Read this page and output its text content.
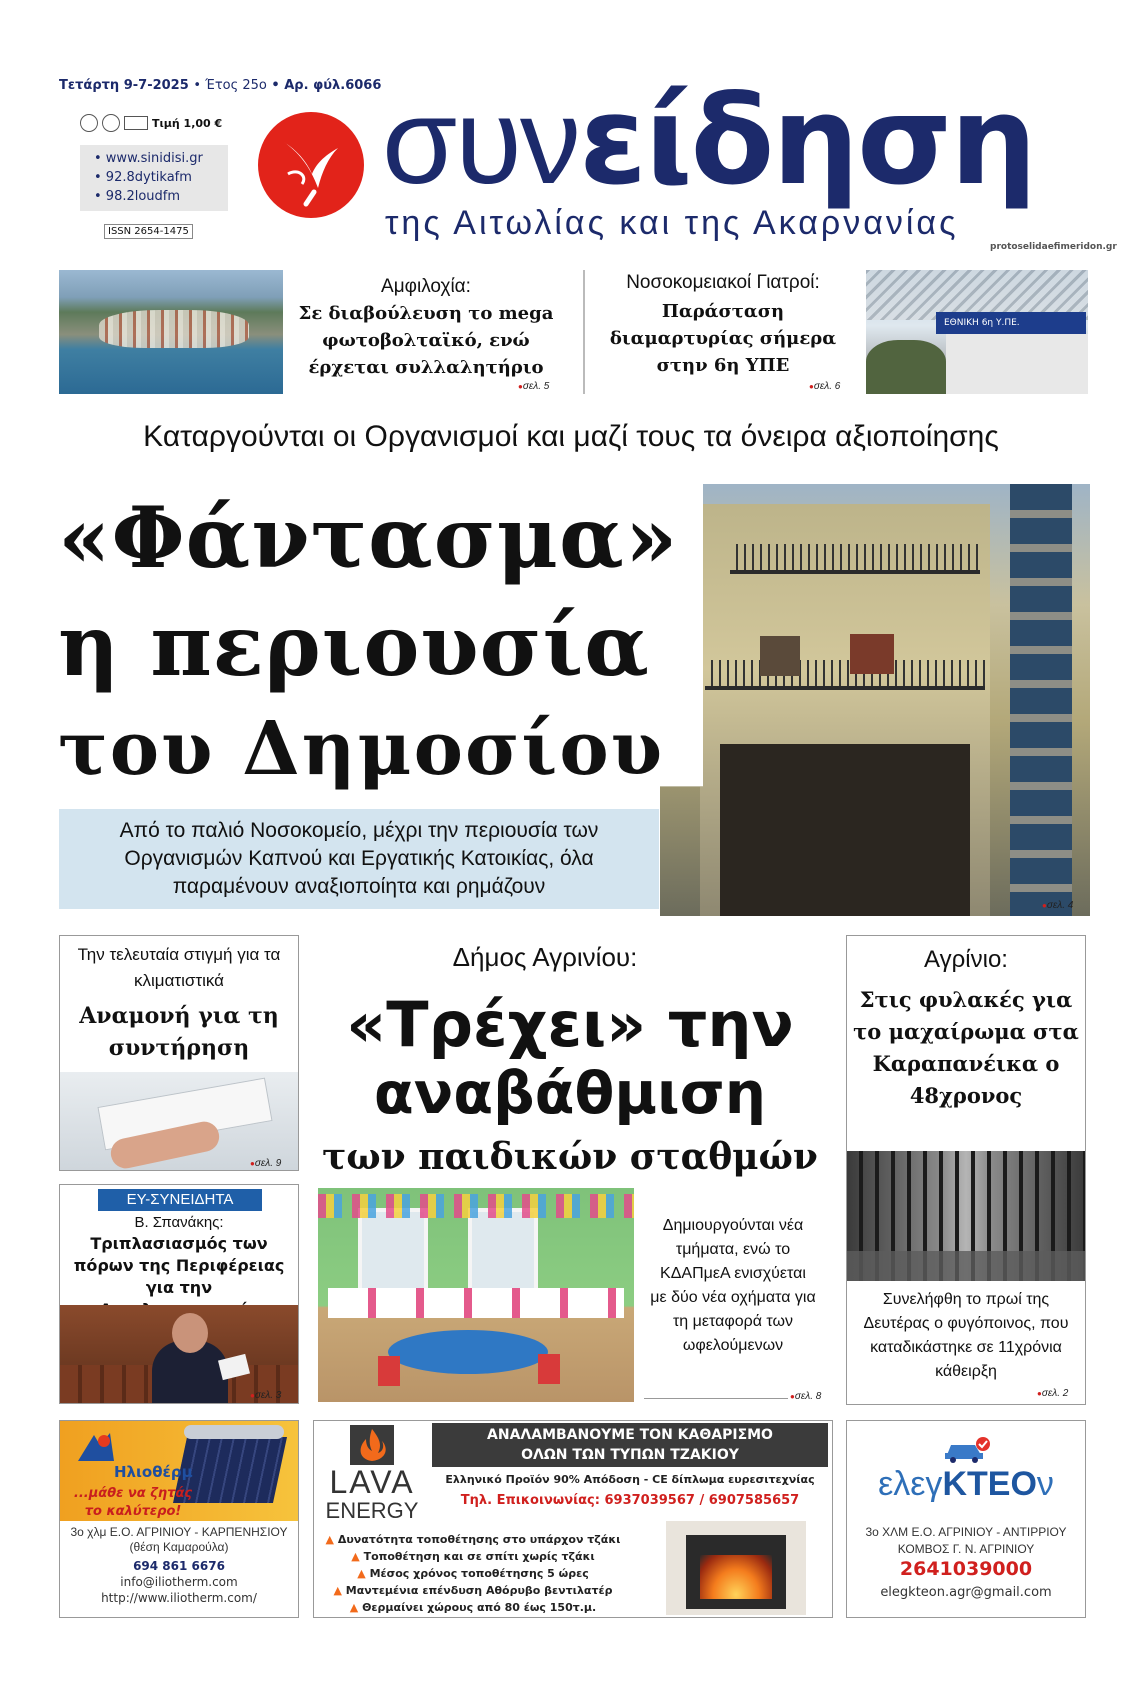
Τετάρτη 9-7-2025 • Έτος 25ο • Αρ. φύλ.6066
Τιμή 1,00 €
• www.sinidisi.gr
• 92.8dytikafm
• 98.2loudfm
ISSN 2654-1475
συνείδηση
της Αιτωλίας και της Ακαρνανίας
protoselidaefimeridon.gr
Αμφιλοχία:
Σε διαβούλευση το mega φωτοβολταϊκό, ενώ έρχεται συλλαλητήριο
● σελ. 5
Νοσοκομειακοί Γιατροί:
Παράσταση διαμαρτυρίας σήμερα στην 6η ΥΠΕ
● σελ. 6
ΕΘΝΙΚΗ 6η Υ.ΠΕ.
Καταργούνται οι Οργανισμοί και μαζί τους τα όνειρα αξιοποίησης
«Φάντασμα»
η περιουσία
του Δημοσίου
Από το παλιό Νοσοκομείο, μέχρι την περιουσία των Οργανισμών Καπνού και Εργατικής Κατοικίας, όλα παραμένουν αναξιοποίητα και ρημάζουν
● σελ. 4
Την τελευταία στιγμή για τα κλιματιστικά
Αναμονή για τη συντήρηση
● σελ. 9
ΕΥ-ΣΥΝΕΙΔΗΤΑ
Β. Σπανάκης:
Τριπλασιασμός των πόρων της Περιφέρειας για την
● σελ. 3
Δήμος Αγρινίου:
«Τρέχει» την
αναβάθμιση
των παιδικών σταθμών
Δημιουργούνται νέα τμήματα, ενώ το ΚΔΑΠμεΑ ενισχύεται με δύο νέα οχήματα για τη μεταφορά των ωφελούμενων
● σελ. 8
Αγρίνιο:
Στις φυλακές για το μαχαίρωμα στα Καραπανέικα ο 48χρονος
Συνελήφθη το πρωί της Δευτέρας ο φυγόποινος, που καταδικάστηκε σε 11χρόνια κάθειρξη
● σελ. 2
Ηλιοθέρμ
...μάθε να ζητάς το καλύτερο!
3ο χλμ Ε.Ο. ΑΓΡΙΝΙΟΥ - ΚΑΡΠΕΝΗΣΙΟΥ (θέση Καμαρούλα)
694 861 6676
info@iliotherm.com
http://www.iliotherm.com/
LAVA
ENERGY
ΑΝΑΛΑΜΒΑΝΟΥΜΕ ΤΟΝ ΚΑΘΑΡΙΣΜΟ
ΟΛΩΝ ΤΩΝ ΤΥΠΩΝ ΤΖΑΚΙΟΥ
Ελληνικό Προϊόν 90% Απόδοση - CE δίπλωμα ευρεσιτεχνίας
Τηλ. Επικοινωνίας: 6937039567 / 6907585657
▲ Δυνατότητα τοποθέτησης στο υπάρχον τζάκι
▲ Τοποθέτηση και σε σπίτι χωρίς τζάκι
▲ Μέσος χρόνος τοποθέτησης 5 ώρες
▲ Μαντεμένια επένδυση Αθόρυβο βεντιλατέρ
▲ Θερμαίνει χώρους από 80 έως 150τ.μ.
ελεγΚΤΕΟν
3ο ΧΛΜ Ε.Ο. ΑΓΡΙΝΙΟΥ - ΑΝΤΙΡΡΙΟΥ
ΚΟΜΒΟΣ Γ. Ν. ΑΓΡΙΝΙΟΥ
2641039000
elegkteon.agr@gmail.com
